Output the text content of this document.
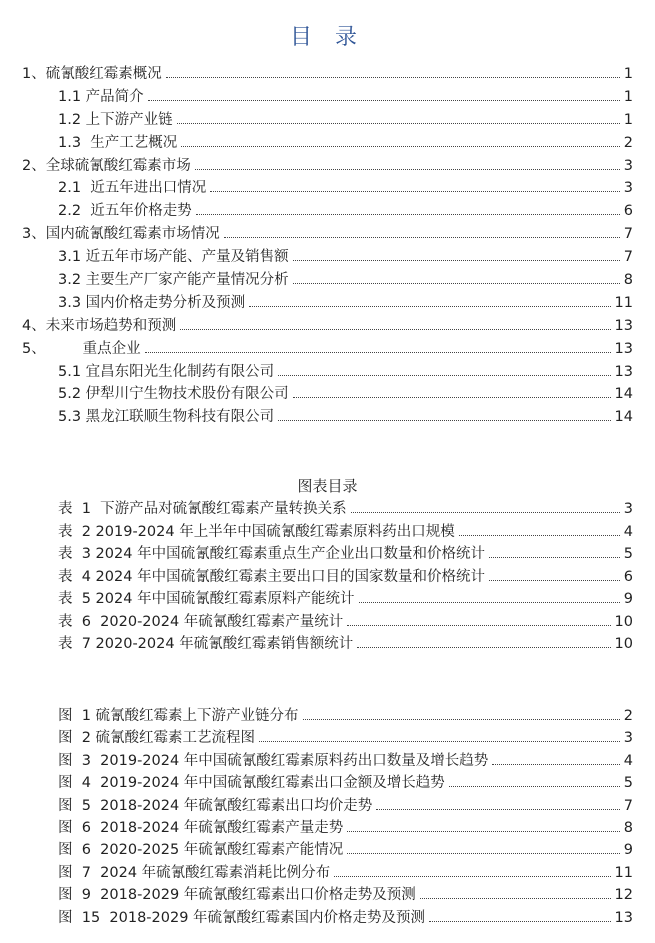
目 录
1、硫氰酸红霉素概况	1
1.1 产品简介	1
1.2 上下游产业链	1
1.3  生产工艺概况	2
2、全球硫氰酸红霉素市场	3
2.1  近五年进出口情况	3
2.2  近五年价格走势	6
3、国内硫氰酸红霉素市场情况	7
3.1 近五年市场产能、产量及销售额	7
3.2 主要生产厂家产能产量情况分析	8
3.3 国内价格走势分析及预测	11
4、未来市场趋势和预测	13
5、        重点企业	13
5.1 宜昌东阳光生化制药有限公司	13
5.2 伊犁川宁生物技术股份有限公司	14
5.3 黑龙江联顺生物科技有限公司	14
图表目录
表  1  下游产品对硫氰酸红霉素产量转换关系	3
表  2 2019-2024 年上半年中国硫氰酸红霉素原料药出口规模	4
表  3 2024 年中国硫氰酸红霉素重点生产企业出口数量和价格统计	5
表  4 2024 年中国硫氰酸红霉素主要出口目的国家数量和价格统计	6
表  5 2024 年中国硫氰酸红霉素原料产能统计	9
表  6  2020-2024 年硫氰酸红霉素产量统计	10
表  7 2020-2024 年硫氰酸红霉素销售额统计	10
图  1 硫氰酸红霉素上下游产业链分布	2
图  2 硫氰酸红霉素工艺流程图	3
图  3  2019-2024 年中国硫氰酸红霉素原料药出口数量及增长趋势	4
图  4  2019-2024 年中国硫氰酸红霉素出口金额及增长趋势	5
图  5  2018-2024 年硫氰酸红霉素出口均价走势	7
图  6  2018-2024 年硫氰酸红霉素产量走势	8
图  6  2020-2025 年硫氰酸红霉素产能情况	9
图  7  2024 年硫氰酸红霉素消耗比例分布	11
图  9  2018-2029 年硫氰酸红霉素出口价格走势及预测	12
图  15  2018-2029 年硫氰酸红霉素国内价格走势及预测	13
